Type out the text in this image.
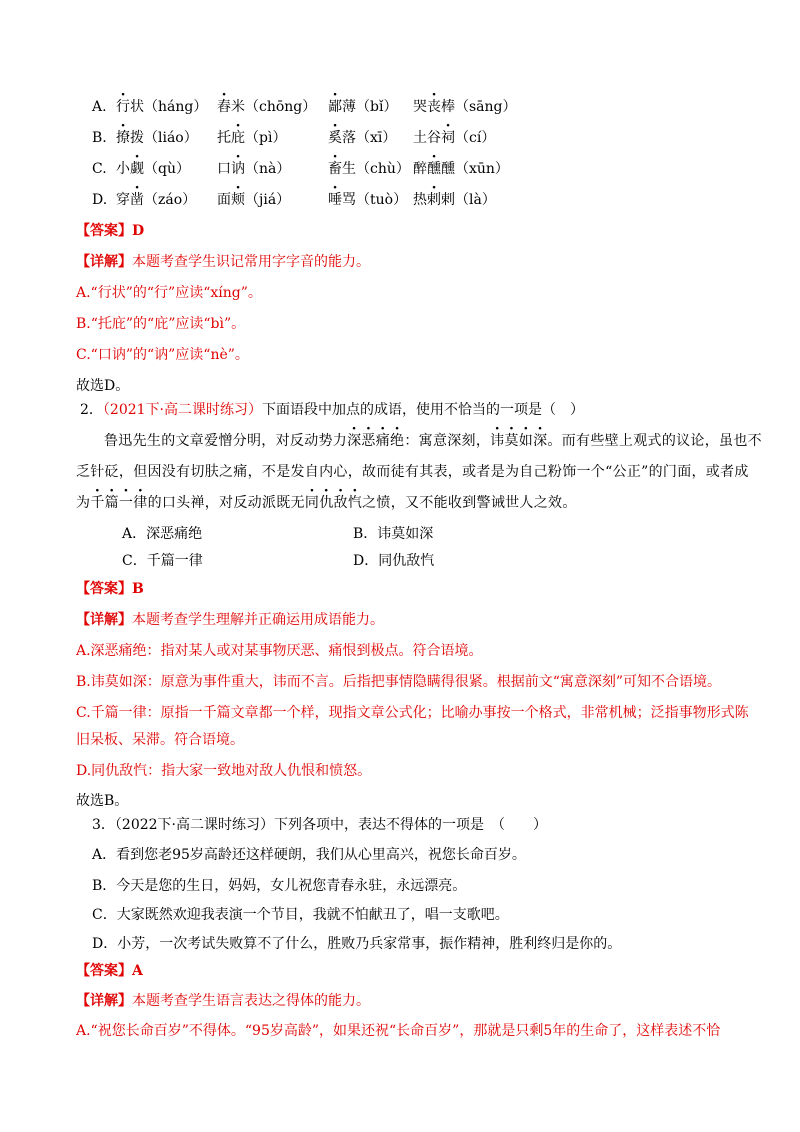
A. 行状（háng） 舂米（chōng） 鄙薄（bǐ） 哭丧棒（sāng）
B. 撩拨（liáo） 托庇（pì）	奚落（xī） 土谷祠（cí）
C. 小觑（qù） 口讷（nà）	畜生（chù） 醉醺醺（xūn）
D. 穿凿（záo） 面颊（jiá）	唾骂（tuò） 热剌剌（là）
【答案】D
【详解】本题考查学生识记常用字字音的能力。
A.“行状”的“行”应读“xíng”。
B.“托庇”的“庇”应读“bì”。
C.“口讷”的“讷”应读“nè”。
故选D。
2．（2021下·高二课时练习）下面语段中加点的成语，使用不恰当的一项是（　）
鲁迅先生的文章爱憎分明，对反动势力深恶痛绝：寓意深刻，讳莫如深。而有些壁上观式的议论，虽也不
乏针砭，但因没有切肤之痛，不是发自内心，故而徒有其表，或者是为自己粉饰一个“公正”的门面，或者成
为千篇一律的口头禅，对反动派既无同仇敌忾之愤，又不能收到警诫世人之效。
A．深恶痛绝	B．讳莫如深
C．千篇一律	D．同仇敌忾
【答案】B
【详解】本题考查学生理解并正确运用成语能力。
A.深恶痛绝：指对某人或对某事物厌恶、痛恨到极点。符合语境。
B.讳莫如深：原意为事件重大，讳而不言。后指把事情隐瞒得很紧。根据前文“寓意深刻”可知不合语境。
C.千篇一律：原指一千篇文章都一个样，现指文章公式化；比喻办事按一个格式，非常机械；泛指事物形式陈
旧呆板、呆滞。符合语境。
D.同仇敌忾：指大家一致地对敌人仇恨和愤怒。
故选B。
3．（2022下·高二课时练习）下列各项中，表达不得体的一项是　（　　）
A．看到您老95岁高龄还这样硬朗，我们从心里高兴，祝您长命百岁。
B．今天是您的生日，妈妈，女儿祝您青春永驻，永远漂亮。
C．大家既然欢迎我表演一个节目，我就不怕献丑了，唱一支歌吧。
D．小芳，一次考试失败算不了什么，胜败乃兵家常事，振作精神，胜利终归是你的。
【答案】A
【详解】本题考查学生语言表达之得体的能力。
A.“祝您长命百岁”不得体。“95岁高龄”，如果还祝“长命百岁”，那就是只剩5年的生命了，这样表述不恰
